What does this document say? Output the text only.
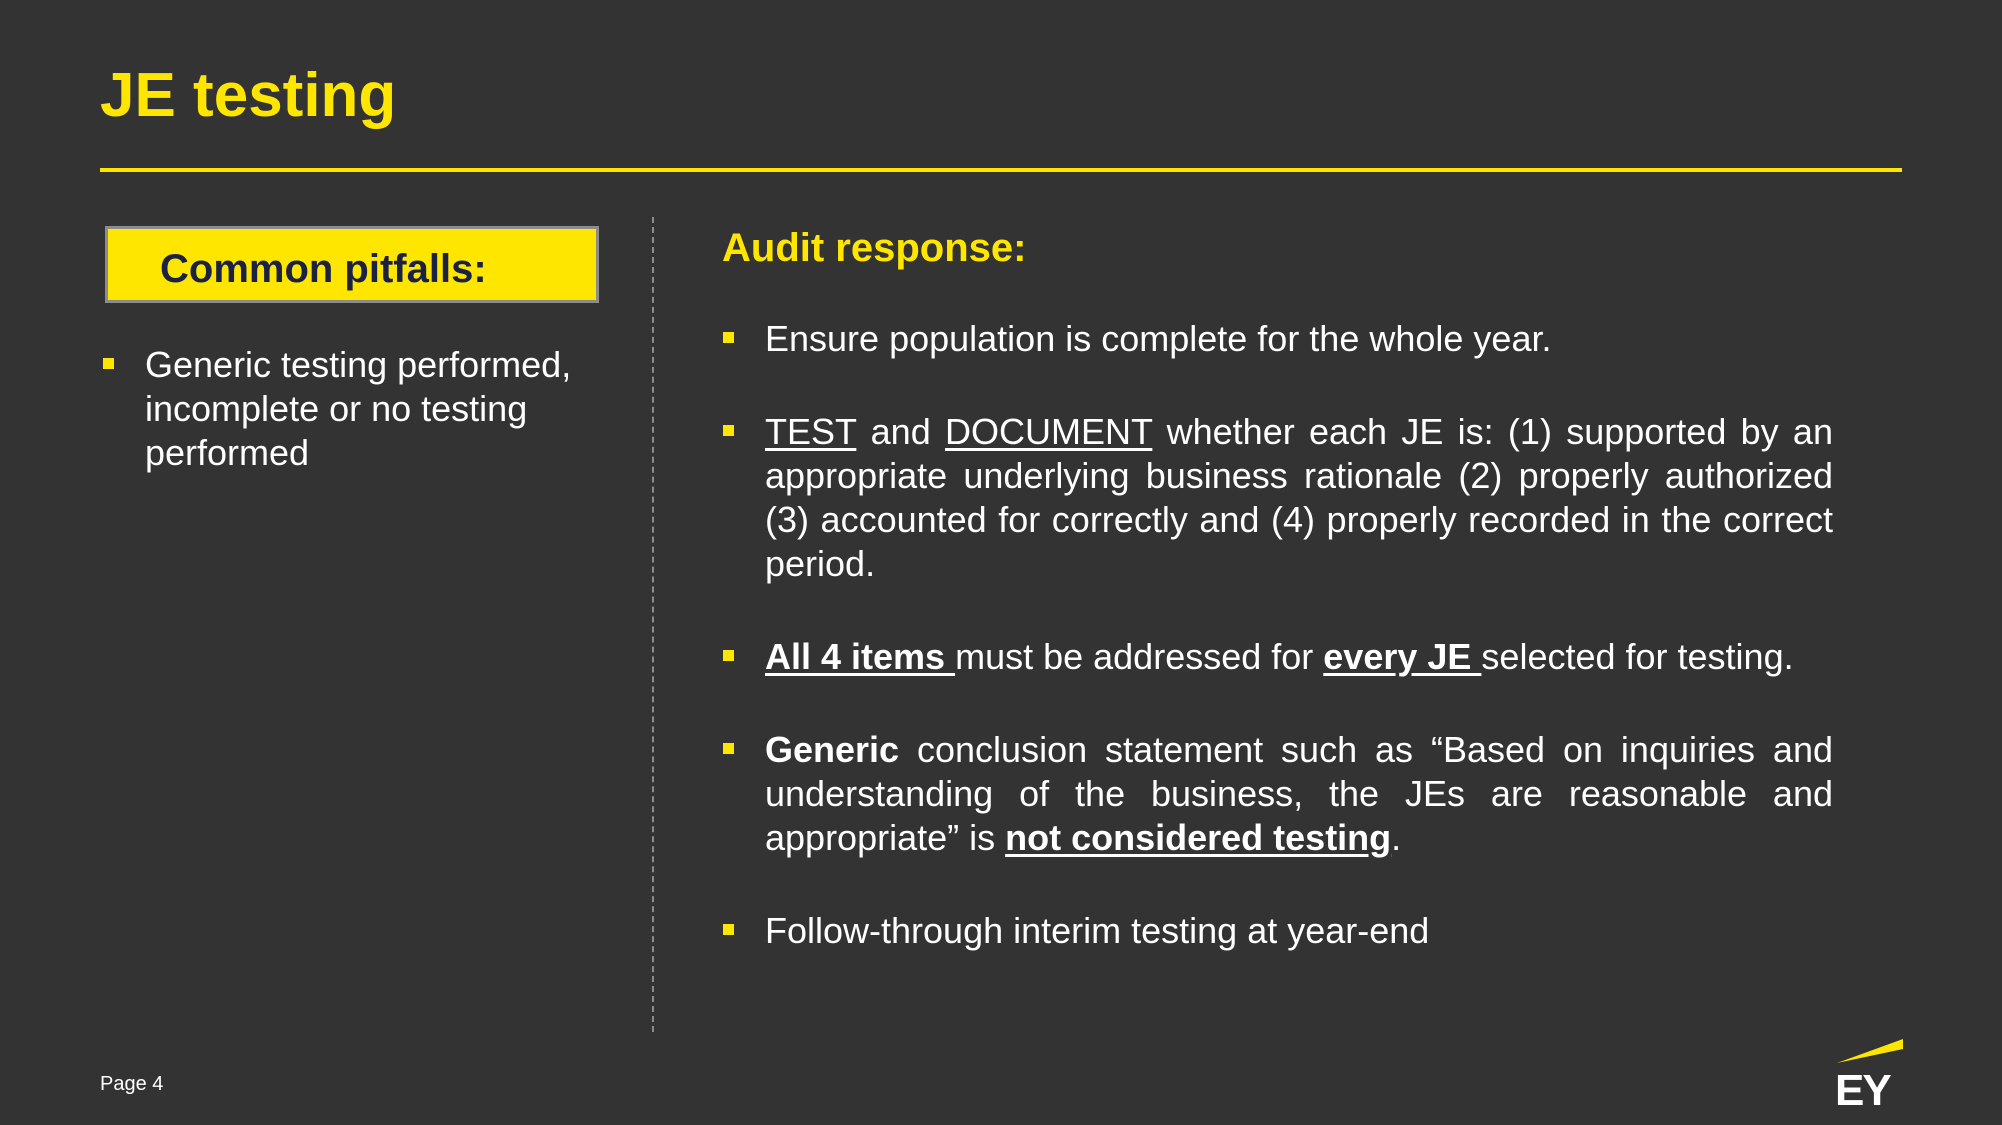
JE testing
Common pitfalls:
Generic testing performed, incomplete or no testing performed
Audit response:
Ensure population is complete for the whole year.
TEST and DOCUMENT whether each JE is: (1) supported by an appropriate underlying business rationale (2) properly authorized (3) accounted for correctly and (4) properly recorded in the correct period.
All 4 items must be addressed for every JE selected for testing.
Generic conclusion statement such as “Based on inquiries and understanding of the business, the JEs are reasonable and appropriate” is not considered testing.
Follow-through interim testing at year-end
Page 4	EY
